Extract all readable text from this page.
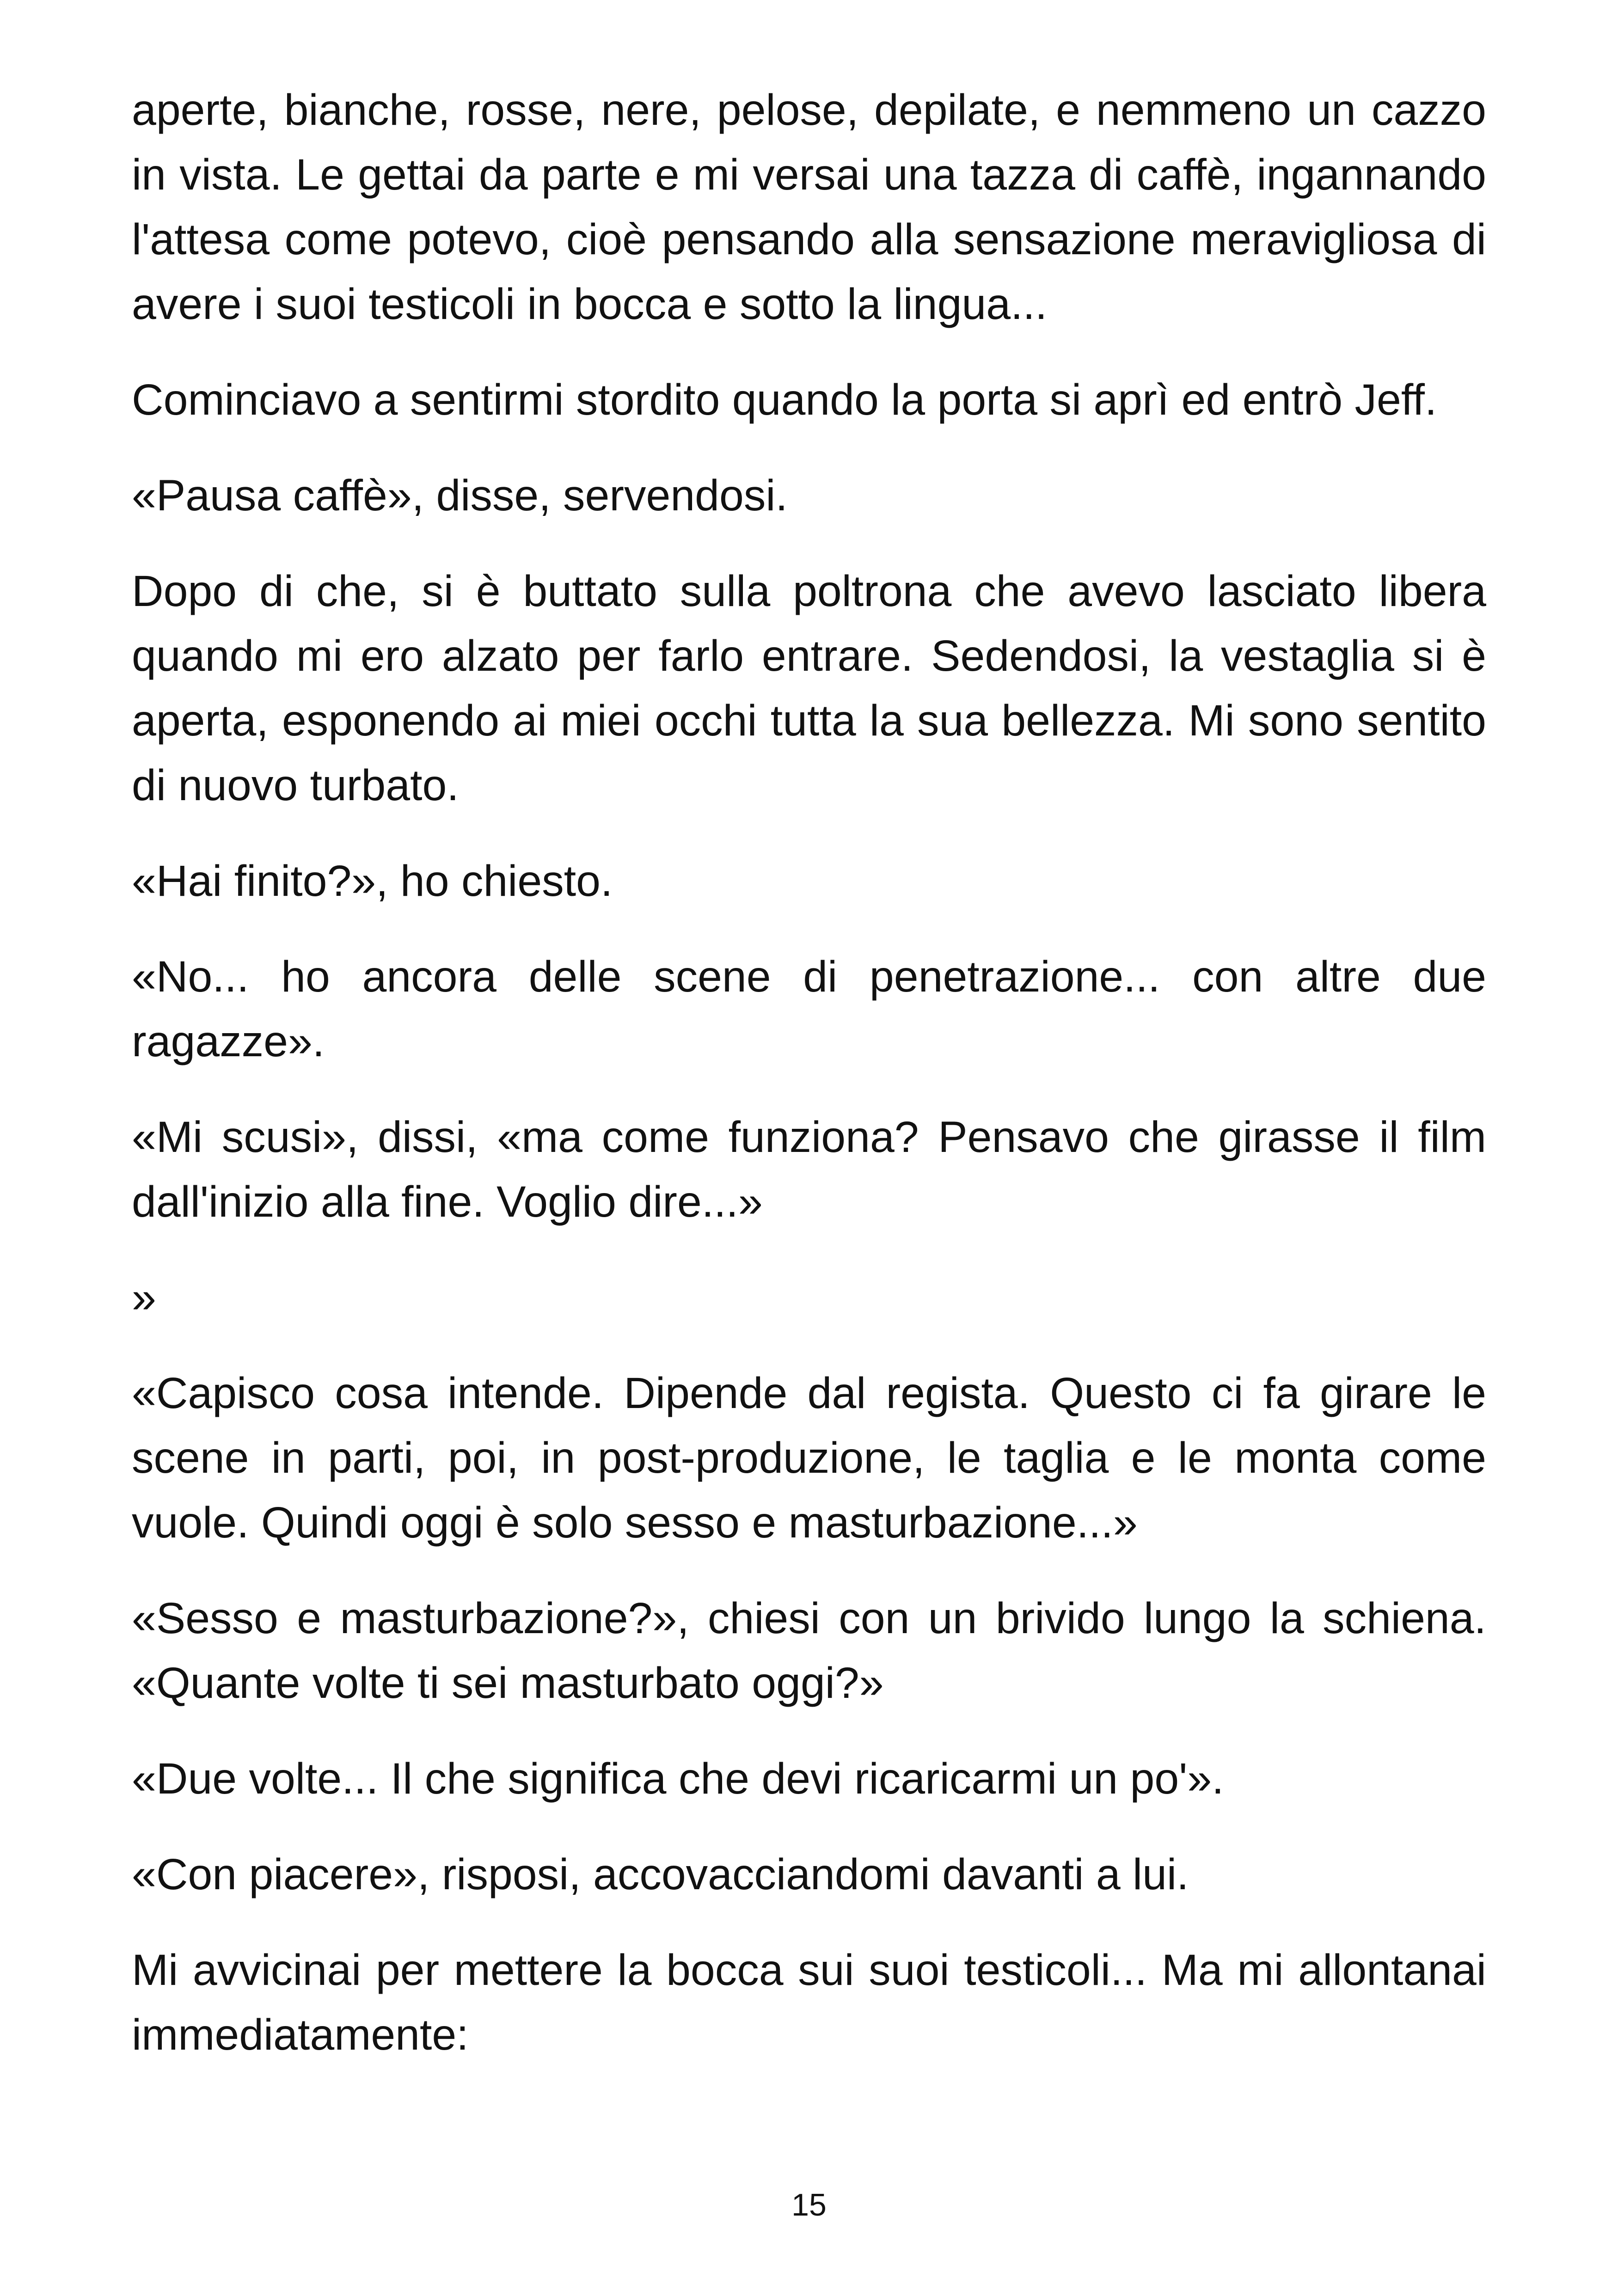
aperte, bianche, rosse, nere, pelose, depilate, e nemmeno un cazzo in vista. Le gettai da parte e mi versai una tazza di caffè, ingannando l'attesa come potevo, cioè pensando alla sensazione meravigliosa di avere i suoi testicoli in bocca e sotto la lingua...

Cominciavo a sentirmi stordito quando la porta si aprì ed entrò Jeff.

«Pausa caffè», disse, servendosi.

Dopo di che, si è buttato sulla poltrona che avevo lasciato libera quando mi ero alzato per farlo entrare. Sedendosi, la vestaglia si è aperta, esponendo ai miei occhi tutta la sua bellezza. Mi sono sentito di nuovo turbato.

«Hai finito?», ho chiesto.

«No... ho ancora delle scene di penetrazione... con altre due ragazze».

«Mi scusi», dissi, «ma come funziona? Pensavo che girasse il film dall'inizio alla fine. Voglio dire...»

»

«Capisco cosa intende. Dipende dal regista. Questo ci fa girare le scene in parti, poi, in post-produzione, le taglia e le monta come vuole. Quindi oggi è solo sesso e masturbazione...»

«Sesso e masturbazione?», chiesi con un brivido lungo la schiena. «Quante volte ti sei masturbato oggi?»

«Due volte... Il che significa che devi ricaricarmi un po'».

«Con piacere», risposi, accovacciandomi davanti a lui.

Mi avvicinai per mettere la bocca sui suoi testicoli... Ma mi allontanai immediatamente:

15
